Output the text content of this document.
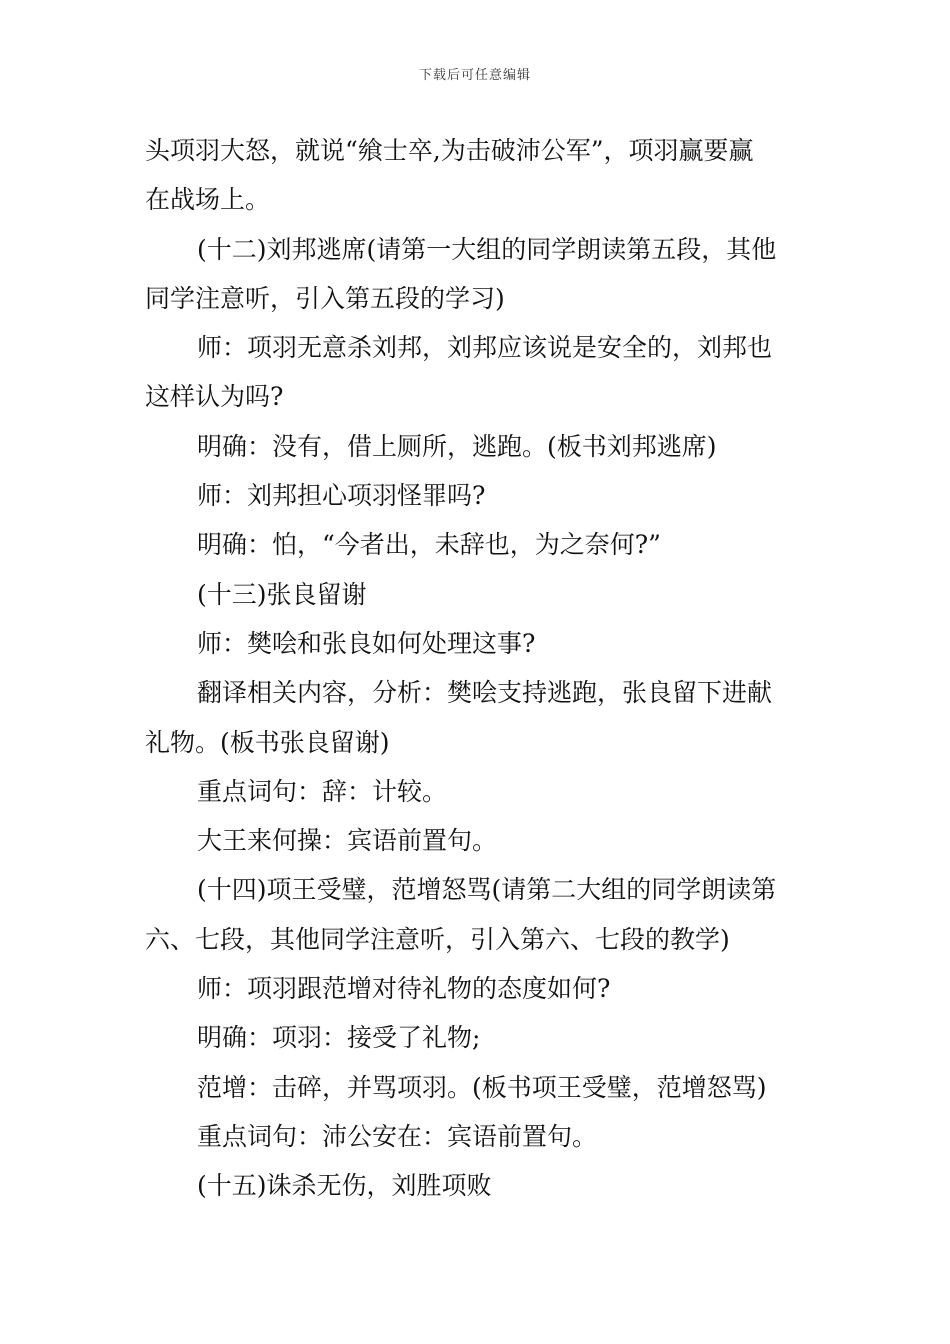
下载后可任意编辑
头项羽大怒，就说“飨士卒,为击破沛公军”，项羽赢要赢
在战场上。
(十二)刘邦逃席(请第一大组的同学朗读第五段，其他
同学注意听，引入第五段的学习)
师：项羽无意杀刘邦，刘邦应该说是安全的，刘邦也
这样认为吗?
明确：没有，借上厕所，逃跑。(板书刘邦逃席)
师：刘邦担心项羽怪罪吗?
明确：怕，“今者出，未辞也，为之奈何?”
(十三)张良留谢
师：樊哙和张良如何处理这事?
翻译相关内容，分析：樊哙支持逃跑，张良留下进献
礼物。(板书张良留谢)
重点词句：辞：计较。
大王来何操：宾语前置句。
(十四)项王受璧，范增怒骂(请第二大组的同学朗读第
六、七段，其他同学注意听，引入第六、七段的教学)
师：项羽跟范增对待礼物的态度如何?
明确：项羽：接受了礼物;
范增：击碎，并骂项羽。(板书项王受璧，范增怒骂)
重点词句：沛公安在：宾语前置句。
(十五)诛杀无伤，刘胜项败
